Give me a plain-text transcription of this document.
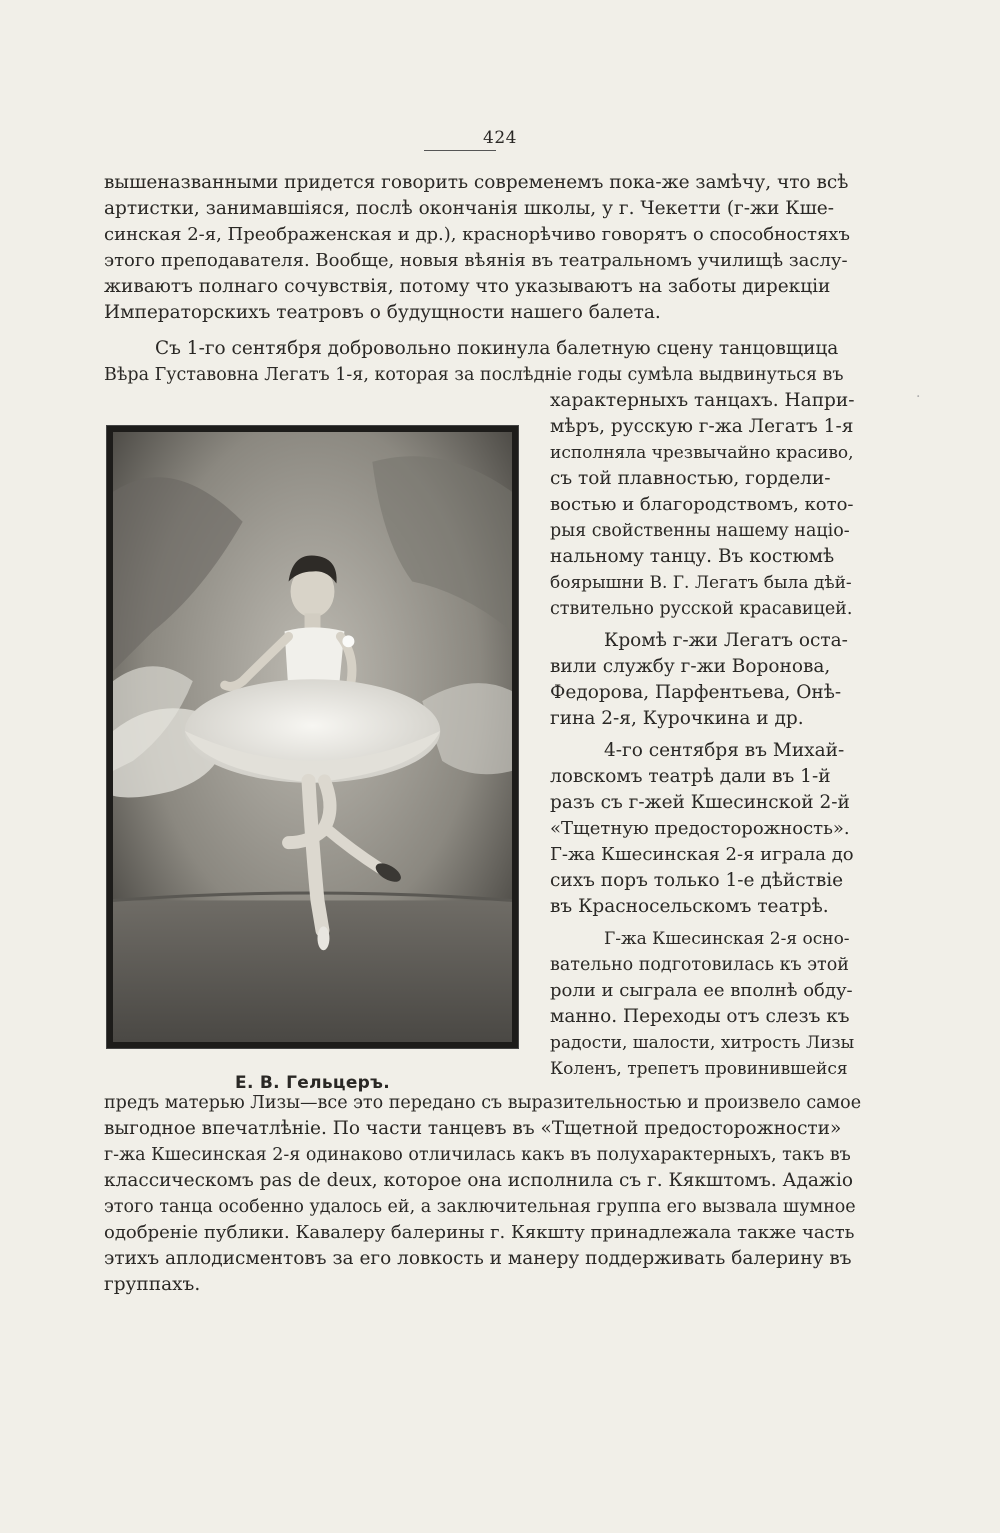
424
·
вышеназванными придется говорить современемъ пока-же замѣчу, что всѣ
артистки, занимавшіяся, послѣ окончанія школы, у г. Чекетти (г-жи Кше-
синская 2-я, Преображенская и др.), краснорѣчиво говорятъ о способностяхъ
этого преподавателя. Вообще, новыя вѣянія въ театральномъ училищѣ заслу-
живаютъ полнаго сочувствія, потому что указываютъ на заботы дирекціи
Императорскихъ театровъ о будущности нашего балета.
Съ 1-го сентября добровольно покинула балетную сцену танцовщица
Вѣра Густавовна Легатъ 1-я, которая за послѣдніе годы сумѣла выдвинуться въ
Е. В. Гельцеръ.
характерныхъ танцахъ. Напри-
мѣръ, русскую г-жа Легатъ 1-я
исполняла чрезвычайно красиво,
съ той плавностью, гордели-
востью и благородствомъ, кото-
рыя свойственны нашему націо-
нальному танцу. Въ костюмѣ
боярышни В. Г. Легатъ была дѣй-
ствительно русской красавицей.
Кромѣ г-жи Легатъ оста-
вили службу г-жи Воронова,
Федорова, Парфентьева, Онѣ-
гина 2-я, Курочкина и др.
4-го сентября въ Михай-
ловскомъ театрѣ дали въ 1-й
разъ съ г-жей Кшесинской 2-й
«Тщетную предосторожность».
Г-жа Кшесинская 2-я играла до
сихъ поръ только 1-е дѣйствіе
въ Красносельскомъ театрѣ.
Г-жа Кшесинская 2-я осно-
вательно подготовилась къ этой
роли и сыграла ее вполнѣ обду-
манно. Переходы отъ слезъ къ
радости, шалости, хитрость Лизы
Коленъ, трепетъ провинившейся
предъ матерью Лизы—все это передано съ выразительностью и произвело самое
выгодное впечатлѣніе. По части танцевъ въ «Тщетной предосторожности»
г-жа Кшесинская 2-я одинаково отличилась какъ въ полухарактерныхъ, такъ въ
классическомъ pas de deux, которое она исполнила съ г. Кякштомъ. Адажіо
этого танца особенно удалось ей, а заключительная группа его вызвала шумное
одобреніе публики. Кавалеру балерины г. Кякшту принадлежала также часть
этихъ аплодисментовъ за его ловкость и манеру поддерживать балерину въ
группахъ.
